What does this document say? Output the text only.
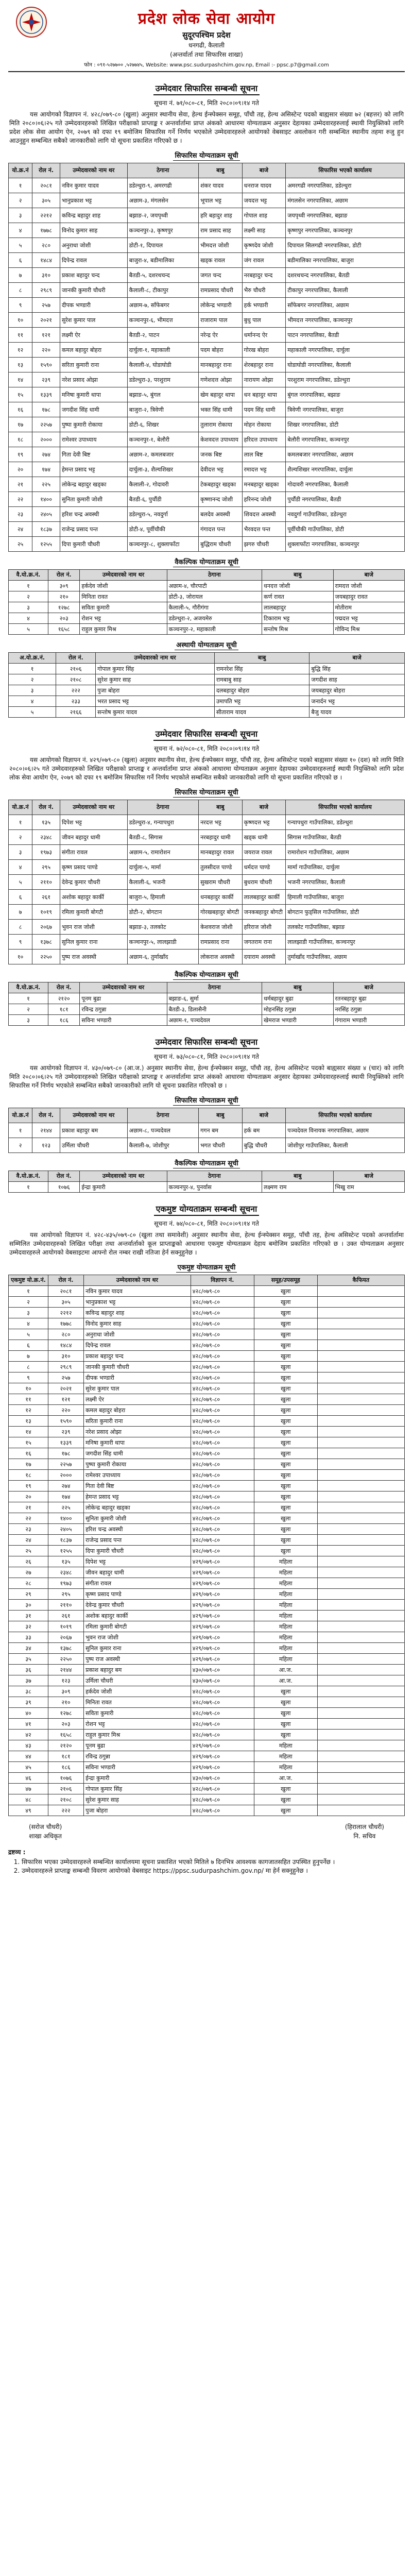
प्रदेश लोक सेवा आयोग
सुदूरपश्चिम प्रदेश
धनगढी, कैलाली
(अन्तर्वार्ता तथा सिफारिस शाखा)
फोन : ०९१-५२७७०० ,५२७७४५, Website: www.psc.sudurpashchim.gov.np, Email :- ppsc.p7@gmail.com
उम्मेदवार सिफारिस सम्बन्धी सूचना
सूचना नं. ७१/०८०-८१, मिति २०८०।०९।१४ गते

यस आयोगको विज्ञापन नं. ४२८/०७९-८० (खुला) अनुसार स्थानीय सेवा, हेल्थ ईन्स्पेक्सन समूह, पाँचौ तह, हेल्थ असिस्टेन्ट पदको बाह्यसार संख्या ७२ (बहत्तर) को लागि मिति २०८०।०६।२५ गते उम्मेदवारहरुको लिखित परीक्षाको प्राप्ताङ्क र अन्तर्वार्तामा प्राप्त अंकको आधारमा योग्यताक्रम अनुसार देहायका उम्मेदवारहरुलाई स्थायी नियुक्तिको लागि प्रदेश लोक सेवा आयोग ऐन, २०७९ को दफा १९ बमोजिम सिफारिस गर्ने निर्णय भएकोले उम्मेदवारहरुले आयोगको वेबसाइट अवलोकन गरी सम्बन्धित स्थानीय तहमा रुजु हुन आउनुहुन सम्बन्धित सबैको जानकारीको लागि यो सूचना प्रकाशित गरिएको छ ।

सिफारिस योग्यताक्रम सूची
यो.क्र.नं	रोल नं.	उम्मेदवारको नाम थर	ठेगाना	बाबु	बाजे	सिफारिस भएको कार्यालय
१	२०८१	नविन कुमार यादव	डडेल्धुरा-९, अमरगढी	शंकर यादव	धनराज यादव	अमरगढी नगरपालिका, डडेल्धुरा
२	३०५	भानुप्रकाश भट्ट	अछाम-३, मंगलसेन	भूपाल भट्ट	जयदत्त भट्ट	मंगलसेन नगरपालिका, अछाम
३	२२१२	कविन्द्र बहादुर शाह	बझाङ-२, जयपृथ्वी	हरि बहादुर शाह	गोपाल शाह	जयपृथ्वी नगरपालिका, बझाङ
४	१७७८	विनोद कुमार साह	कञ्चनपुर-३, कृष्णपुर	राम प्रसाद साह	लक्ष्मी साह	कृष्णपुर नगरपालिका, कञ्चनपुर
५	२८०	अनुराधा जोशी	डोटी-१, दिपायल	भीमदत्त जोशी	कृष्णदेव जोशी	दिपायल सिलगढी नगरपालिका, डोटी
६	१४८४	दिपेन्द्र रावल	बाजुरा-४, बडीमालिका	खड्क रावल	जंग रावल	बडीमालिका नगरपालिका, बाजुरा
७	३१०	प्रकाश बहादुर चन्द	बैतडी-५, दशरथचन्द	जगत चन्द	नरबहादुर चन्द	दशरथचन्द नगरपालिका, बैतडी
८	२९८९	जानकी कुमारी चौधरी	कैलाली-८, टीकापुर	रामप्रसाद चौधरी	भैरु चौधरी	टीकापुर नगरपालिका, कैलाली
९	२५७	दीपक भण्डारी	अछाम-७, साँफेबगर	लोकेन्द्र भण्डारी	हर्क भण्डारी	साँफेबगर नगरपालिका, अछाम
१०	२०२१	सुरेश कुमार पाल	कञ्चनपुर-६, भीमदत्त	राजाराम पाल	बुधु पाल	भीमदत्त नगरपालिका, कञ्चनपुर
११	१२१	लक्ष्मी ऐर	बैतडी-२, पाटन	नरेन्द्र ऐर	धर्मानन्द ऐर	पाटन नगरपालिका, बैतडी
१२	२२०	कमल बहादुर बोहरा	दार्चुला-१, महाकाली	पदम बोहरा	गोरख बोहरा	महाकाली नगरपालिका, दार्चुला
१३	१५९०	सरिता कुमारी राना	कैलाली-४, घोडाघोडी	मानबहादुर राना	शेरबहादुर राना	घोडाघोडी नगरपालिका, कैलाली
१४	२३९	नरेश प्रसाद ओझा	डडेल्धुरा-३, परशुराम	गणेशदत्त ओझा	नारायण ओझा	परशुराम नगरपालिका, डडेल्धुरा
१५	१३३९	मनिषा कुमारी थापा	बझाङ-५, बुंगल	खेम बहादुर थापा	धन बहादुर थापा	बुंगल नगरपालिका, बझाङ
१६	१७८	जगदीश सिंह धामी	बाजुरा-२, त्रिवेणी	भक्त सिंह धामी	पदम सिंह धामी	त्रिवेणी नगरपालिका, बाजुरा
१७	२२५७	पुष्पा कुमारी रोकाया	डोटी-६, शिखर	तुलाराम रोकाया	मोहन रोकाया	शिखर नगरपालिका, डोटी
१८	२०००	रामेश्वर उपाध्याय	कञ्चनपुर-१, बेलौरी	केशवदत्त उपाध्याय	हरिदत्त उपाध्याय	बेलौरी नगरपालिका, कञ्चनपुर
१९	२७४	गिता देवी बिष्ट	अछाम-२, कमलबजार	जनक बिष्ट	लाल बिष्ट	कमलबजार नगरपालिका, अछाम
२०	१७४	हेमन्त प्रसाद भट्ट	दार्चुला-३, शैल्यशिखर	देवीदत्त भट्ट	रमादत्त भट्ट	शैल्यशिखर नगरपालिका, दार्चुला
२१	२२५	लोकेन्द्र बहादुर खड्का	कैलाली-२, गोदावरी	टेकबहादुर खड्का	मनबहादुर खड्का	गोदावरी नगरपालिका, कैलाली
२२	१४००	सुनिता कुमारी जोशी	बैतडी-६, पुर्चौडी	कृष्णानन्द जोशी	हरिनन्द जोशी	पुर्चौडी नगरपालिका, बैतडी
२३	२४०५	हरिश चन्द्र अवस्थी	डडेल्धुरा-५, नवदुर्गा	बलदेव अवस्थी	शिवदत्त अवस्थी	नवदुर्गा गाउँपालिका, डडेल्धुरा
२४	१८३७	राजेन्द्र प्रसाद पन्त	डोटी-४, पूर्वीचौकी	गंगादत्त पन्त	भैरवदत्त पन्त	पूर्वीचौकी गाउँपालिका, डोटी
२५	१२५५	दिपा कुमारी चौधरी	कञ्चनपुर-८, शुक्लाफाँटा	बुद्धिराम चौधरी	झगरु चौधरी	शुक्लाफाँटा नगरपालिका, कञ्चनपुर
वैकल्पिक योग्यताक्रम सूची
वै.यो.क्र.नं.	रोल नं.	उम्मेदवारको नाम थर	ठेगाना	बाबु	बाजे
१	३०९	हर्कदेव जोशी	अछाम-४, चौरपाटी	धनदत्त जोशी	रामदत्त जोशी
२	२१०	मिनिता रावत	डोटी-३, जोरायल	कर्ण रावत	जयबहादुर रावत
३	१२७८	सविता कुमारी	कैलाली-५, गौरीगंगा	लालबहादुर	मोतीराम
४	२०३	रोशन भट्ट	डडेल्धुरा-२, अजयमेरु	टिकाराम भट्ट	पद्मदत्त भट्ट
५	१६५८	राहुल कुमार मिश्र	कञ्चनपुर-२, महाकाली	सन्तोष मिश्र	गोविन्द मिश्र
अस्थायी योग्यताक्रम सूची
अ.यो.क्र.नं.	रोल नं.	उम्मेदवारको नाम थर	बाबु	बाजे
१	२१०६	गोपाल कुमार सिंह	रामनरेश सिंह	बुद्धि सिंह
२	२१०८	सुरेश कुमार साह	रामबाबु साह	जगदीश साह
३	२२२	पुजा बोहरा	दलबहादुर बोहरा	जयबहादुर बोहरा
४	२३३	भरत प्रसाद भट्ट	उमापति भट्ट	जनार्दन भट्ट
५	२१६६	सन्तोष कुमार यादव	सीताराम यादव	बैजु यादव
उम्मेदवार सिफारिस सम्बन्धी सूचना
सूचना नं. ७२/०८०-८१, मिति २०८०।०९।१४ गते

यस आयोगको विज्ञापन नं. ४२९/०७९-८० (खुला) अनुसार स्थानीय सेवा, हेल्थ ईन्स्पेक्सन समूह, पाँचौ तह, हेल्थ असिस्टेन्ट पदको बाह्यसार संख्या १० (दश) को लागि मिति २०८०।०६।२५ गते उम्मेदवारहरुको लिखित परीक्षाको प्राप्ताङ्क र अन्तर्वार्तामा प्राप्त अंकको आधारमा योग्यताक्रम अनुसार देहायका उम्मेदवारहरुलाई स्थायी नियुक्तिको लागि प्रदेश लोक सेवा आयोग ऐन, २०७९ को दफा १९ बमोजिम सिफारिस गर्ने निर्णय भएकोले सम्बन्धित सबैको जानकारीको लागि यो सूचना प्रकाशित गरिएको छ ।

सिफारिस योग्यताक्रम सूची
यो.क्र.नं	रोल नं.	उम्मेदवारको नाम थर	ठेगाना	बाबु	बाजे	सिफारिस भएको कार्यालय
१	१३५	दिपेश भट्ट	डडेल्धुरा-४, गन्यापधुरा	नरदत्त भट्ट	कृष्णदत्त भट्ट	गन्यापधुरा गाउँपालिका, डडेल्धुरा
२	२३४८	जीवन बहादुर धामी	बैतडी-८, सिगास	नरबहादुर धामी	खड्क धामी	सिगास गाउँपालिका, बैतडी
३	१९७३	संगीता रावल	अछाम-५, रामारोशन	मानबहादुर रावल	जयराज रावल	रामारोशन गाउँपालिका, अछाम
४	२९५	कृष्ण प्रसाद पाण्डे	दार्चुला-५, मार्मा	तुलसीदत्त पाण्डे	धर्मदत्त पाण्डे	मार्मा गाउँपालिका, दार्चुला
५	२११०	देवेन्द्र कुमार चौधरी	कैलाली-६, भजनी	सुखराम चौधरी	बुधराम चौधरी	भजनी नगरपालिका, कैलाली
६	२६१	अशोक बहादुर कार्की	बाजुरा-५, हिमाली	धनबहादुर कार्की	लालबहादुर कार्की	हिमाली गाउँपालिका, बाजुरा
७	१०१९	रमिला कुमारी बोगटी	डोटी-२, बोगटान	गोरखबहादुर बोगटी	जनकबहादुर बोगटी	बोगटान फुड्सिल गाउँपालिका, डोटी
८	२०६७	भुवन राज जोशी	बझाङ-३, तलकोट	केशवराज जोशी	हरिराज जोशी	तलकोट गाउँपालिका, बझाङ
९	१३७८	सुनिल कुमार राना	कञ्चनपुर-५, लालझाडी	रामप्रसाद राना	जगतराम राना	लालझाडी गाउँपालिका, कञ्चनपुर
१०	२२५०	पुष्प राज अवस्थी	अछाम-६, तुर्माखाँद	लोकराज अवस्थी	दयाराम अवस्थी	तुर्माखाँद गाउँपालिका, अछाम
वैकल्पिक योग्यताक्रम सूची
वै.यो.क्र.नं.	रोल नं.	उम्मेदवारको नाम थर	ठेगाना	बाबु	बाजे
१	२१२०	पूनम बुढा	बझाङ-६, सुर्मा	धर्मबहादुर बुढा	रतनबहादुर बुढा
२	१८१	रविन्द्र ठगुन्ना	बैतडी-३, डिलासैनी	मोहनसिंह ठगुन्ना	नरसिंह ठगुन्ना
३	१८६	सविना भण्डारी	अछाम-१, पञ्चदेवल	खेमराज भण्डारी	गंगाराम भण्डारी
उम्मेदवार सिफारिस सम्बन्धी सूचना
सूचना नं. ७३/०८०-८१, मिति २०८०।०९।१४ गते

यस आयोगको विज्ञापन नं. ४३०/०७९-८० (आ.ज.) अनुसार स्थानीय सेवा, हेल्थ ईन्स्पेक्सन समूह, पाँचौ तह, हेल्थ असिस्टेन्ट पदको बाह्यसार संख्या ४ (चार) को लागि मिति २०८०।०६।२५ गते उम्मेदवारहरुको लिखित परीक्षाको प्राप्ताङ्क र अन्तर्वार्तामा प्राप्त अंकको आधारमा योग्यताक्रम अनुसार देहायका उम्मेदवारहरुलाई स्थायी नियुक्तिको लागि सिफारिस गर्ने निर्णय भएकोले सम्बन्धित सबैको जानकारीको लागि यो सूचना प्रकाशित गरिएको छ ।

सिफारिस योग्यताक्रम सूची
यो.क्र.नं	रोल नं.	उम्मेदवारको नाम थर	ठेगाना	बाबु	बाजे	सिफारिस भएको कार्यालय
१	२१४४	प्रकाश बहादुर बम	अछाम-८, पञ्चदेवल	गगन बम	हर्क बम	पञ्चदेवल विनायक नगरपालिका, अछाम
२	१२३	उर्मिला चौधरी	कैलाली-७, जोशीपुर	भगत चौधरी	बुद्धि चौधरी	जोशीपुर गाउँपालिका, कैलाली
वैकल्पिक योग्यताक्रम सूची
वै.यो.क्र.नं.	रोल नं.	उम्मेदवारको नाम थर	ठेगाना	बाबु	बाजे
१	१०७६	ईन्द्रा कुमारी	कञ्चनपुर-४, पुनर्वास	लक्ष्मण राम	भिखु राम
एकमुष्ट योग्यताक्रम सम्बन्धी सूचना
सूचना नं. ७४/०८०-८१, मिति २०८०।०९।१४ गते

यस आयोगको विज्ञापन नं. ४२८-४३५/०७९-८० (खुला तथा समावेशी) अनुसार स्थानीय सेवा, हेल्थ ईन्स्पेक्सन समूह, पाँचौ तह, हेल्थ असिस्टेन्ट पदको अन्तर्वार्तामा सम्मिलित उम्मेदवारहरुको लिखित परीक्षा तथा अन्तर्वार्ताको कूल प्राप्ताङ्कको आधारमा एकमुष्ट योग्यताक्रम देहाय बमोजिम प्रकाशित गरिएको छ । उक्त योग्यताक्रम अनुसार उम्मेदवारहरुले आयोगको वेबसाइटमा आफ्नो रोल नम्बर राखी नतिजा हेर्न सक्नुहुनेछ ।

एकमुष्ट योग्यताक्रम सूची
एकमुष्ट यो.क्र.नं.	रोल नं.	उम्मेदवारको नाम थर	विज्ञापन नं.	समूह/उपसमूह	कैफियत
१	२०८१	नविन कुमार यादव	४२८/०७९-८०	खुला	
२	३०५	भानुप्रकाश भट्ट	४२८/०७९-८०	खुला	
३	२२१२	कविन्द्र बहादुर शाह	४२८/०७९-८०	खुला	
४	१७७८	विनोद कुमार साह	४२८/०७९-८०	खुला	
५	२८०	अनुराधा जोशी	४२८/०७९-८०	खुला	
६	१४८४	दिपेन्द्र रावल	४२८/०७९-८०	खुला	
७	३१०	प्रकाश बहादुर चन्द	४२८/०७९-८०	खुला	
८	२९८९	जानकी कुमारी चौधरी	४२८/०७९-८०	खुला	
९	२५७	दीपक भण्डारी	४२८/०७९-८०	खुला	
१०	२०२१	सुरेश कुमार पाल	४२८/०७९-८०	खुला	
११	१२१	लक्ष्मी ऐर	४२८/०७९-८०	खुला	
१२	२२०	कमल बहादुर बोहरा	४२८/०७९-८०	खुला	
१३	१५९०	सरिता कुमारी राना	४२८/०७९-८०	खुला	
१४	२३९	नरेश प्रसाद ओझा	४२८/०७९-८०	खुला	
१५	१३३९	मनिषा कुमारी थापा	४२८/०७९-८०	खुला	
१६	१७८	जगदीश सिंह धामी	४२८/०७९-८०	खुला	
१७	२२५७	पुष्पा कुमारी रोकाया	४२८/०७९-८०	खुला	
१८	२०००	रामेश्वर उपाध्याय	४२८/०७९-८०	खुला	
१९	२७४	गिता देवी बिष्ट	४२८/०७९-८०	खुला	
२०	१७४	हेमन्त प्रसाद भट्ट	४२८/०७९-८०	खुला	
२१	२२५	लोकेन्द्र बहादुर खड्का	४२८/०७९-८०	खुला	
२२	१४००	सुनिता कुमारी जोशी	४२८/०७९-८०	खुला	
२३	२४०५	हरिश चन्द्र अवस्थी	४२८/०७९-८०	खुला	
२४	१८३७	राजेन्द्र प्रसाद पन्त	४२८/०७९-८०	खुला	
२५	१२५५	दिपा कुमारी चौधरी	४२८/०७९-८०	खुला	
२६	१३५	दिपेश भट्ट	४२९/०७९-८०	महिला	
२७	२३४८	जीवन बहादुर धामी	४२९/०७९-८०	महिला	
२८	१९७३	संगीता रावल	४२९/०७९-८०	महिला	
२९	२९५	कृष्ण प्रसाद पाण्डे	४२९/०७९-८०	महिला	
३०	२११०	देवेन्द्र कुमार चौधरी	४२९/०७९-८०	महिला	
३१	२६१	अशोक बहादुर कार्की	४२९/०७९-८०	महिला	
३२	१०१९	रमिला कुमारी बोगटी	४२९/०७९-८०	महिला	
३३	२०६७	भुवन राज जोशी	४२९/०७९-८०	महिला	
३४	१३७८	सुनिल कुमार राना	४२९/०७९-८०	महिला	
३५	२२५०	पुष्प राज अवस्थी	४२९/०७९-८०	महिला	
३६	२१४४	प्रकाश बहादुर बम	४३०/०७९-८०	आ.ज.	
३७	१२३	उर्मिला चौधरी	४३०/०७९-८०	आ.ज.	
३८	३०९	हर्कदेव जोशी	४२८/०७९-८०	खुला	
३९	२१०	मिनिता रावत	४२८/०७९-८०	खुला	
४०	१२७८	सविता कुमारी	४२८/०७९-८०	खुला	
४१	२०३	रोशन भट्ट	४२८/०७९-८०	खुला	
४२	१६५८	राहुल कुमार मिश्र	४२८/०७९-८०	खुला	
४३	२१२०	पूनम बुढा	४२९/०७९-८०	महिला	
४४	१८१	रविन्द्र ठगुन्ना	४२९/०७९-८०	महिला	
४५	१८६	सविना भण्डारी	४२९/०७९-८०	महिला	
४६	१०७६	ईन्द्रा कुमारी	४३०/०७९-८०	आ.ज.	
४७	२१०६	गोपाल कुमार सिंह	४२८/०७९-८०	खुला	
४८	२१०८	सुरेश कुमार साह	४२८/०७९-८०	खुला	
४९	२२२	पुजा बोहरा	४२८/०७९-८०	खुला	
(सरोज चौधरी)
शाखा अधिकृत
(हिरालाल चौधरी)
नि. सचिव
द्रष्टव्य :
1. सिफारिस भएका उम्मेदवारहरुले सम्बन्धित कार्यालयमा सूचना प्रकाशित भएको मितिले ७ दिनभित्र आवश्यक कागजातसहित उपस्थित हुनुपर्नेछ ।
2. उम्मेदवारहरुले प्राप्ताङ्क सम्बन्धी विवरण आयोगको वेबसाइट https://ppsc.sudurpashchim.gov.np/ मा हेर्न सक्नुहुनेछ ।
